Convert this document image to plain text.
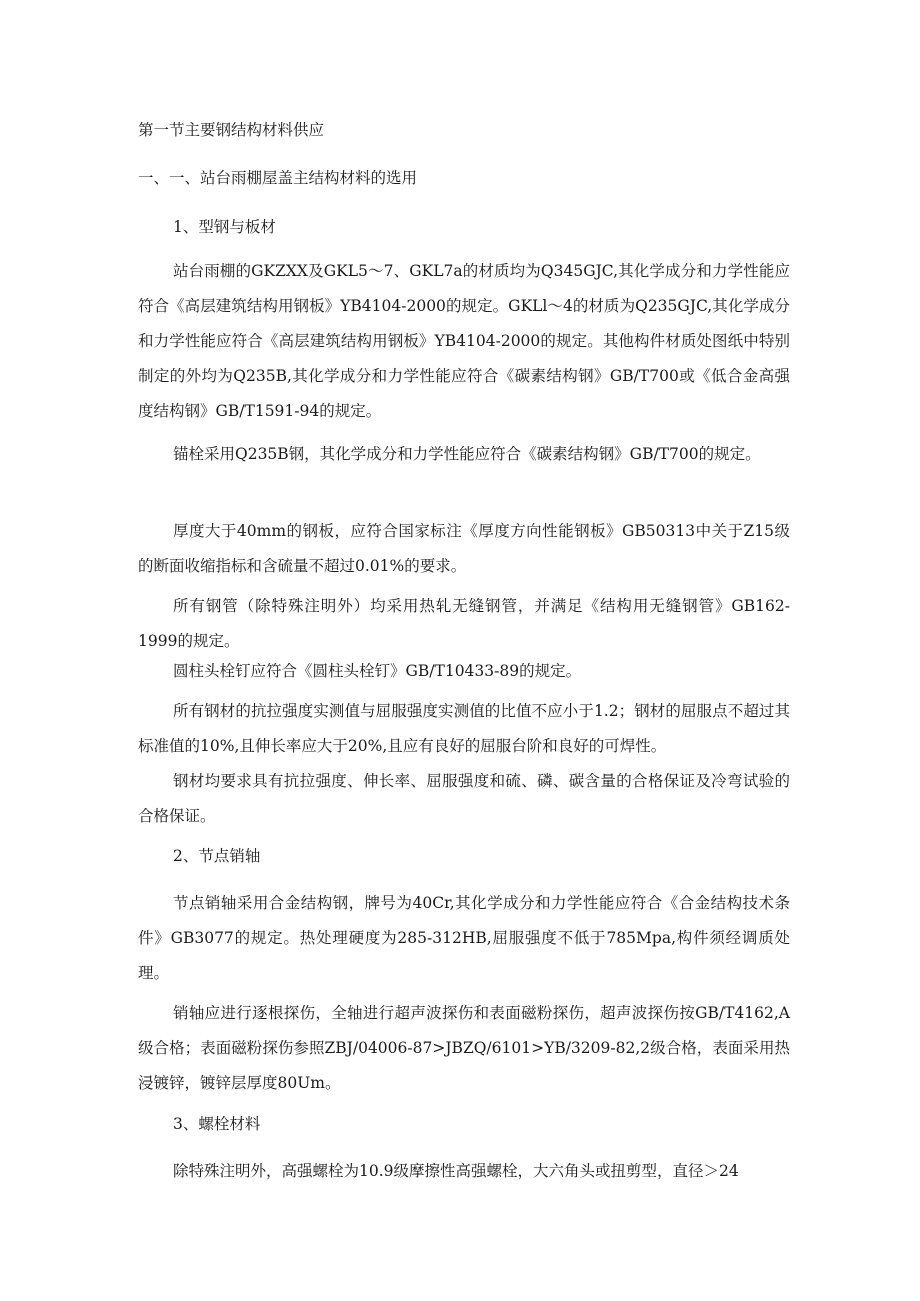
第一节主要钢结构材料供应

一、一、站台雨棚屋盖主结构材料的选用

1、型钢与板材

站台雨棚的GKZXX及GKL5～7、GKL7a的材质均为Q345GJC,其化学成分和力学性能应符合《高层建筑结构用钢板》YB4104-2000的规定。GKLl～4的材质为Q235GJC,其化学成分和力学性能应符合《高层建筑结构用钢板》YB4104-2000的规定。其他构件材质处图纸中特别制定的外均为Q235B,其化学成分和力学性能应符合《碳素结构钢》GB/T700或《低合金高强度结构钢》GB/T1591-94的规定。

锚栓采用Q235B钢，其化学成分和力学性能应符合《碳素结构钢》GB/T700的规定。

厚度大于40mm的钢板，应符合国家标注《厚度方向性能钢板》GB50313中关于Z15级的断面收缩指标和含硫量不超过0.01%的要求。

所有钢管（除特殊注明外）均采用热轧无缝钢管，并满足《结构用无缝钢管》GB162-1999的规定。

圆柱头栓钉应符合《圆柱头栓钉》GB/T10433-89的规定。

所有钢材的抗拉强度实测值与屈服强度实测值的比值不应小于1.2；钢材的屈服点不超过其标准值的10%,且伸长率应大于20%,且应有良好的屈服台阶和良好的可焊性。

钢材均要求具有抗拉强度、伸长率、屈服强度和硫、磷、碳含量的合格保证及冷弯试验的合格保证。

2、节点销轴

节点销轴采用合金结构钢，牌号为40Cr,其化学成分和力学性能应符合《合金结构技术条件》GB3077的规定。热处理硬度为285-312HB,屈服强度不低于785Mpa,构件须经调质处理。

销轴应进行逐根探伤，全轴进行超声波探伤和表面磁粉探伤，超声波探伤按GB/T4162,A级合格；表面磁粉探伤参照ZBJ/04006-87>JBZQ/6101>YB/3209-82,2级合格，表面采用热浸镀锌，镀锌层厚度80Um。

3、螺栓材料

除特殊注明外，高强螺栓为10.9级摩擦性高强螺栓，大六角头或扭剪型，直径＞24
